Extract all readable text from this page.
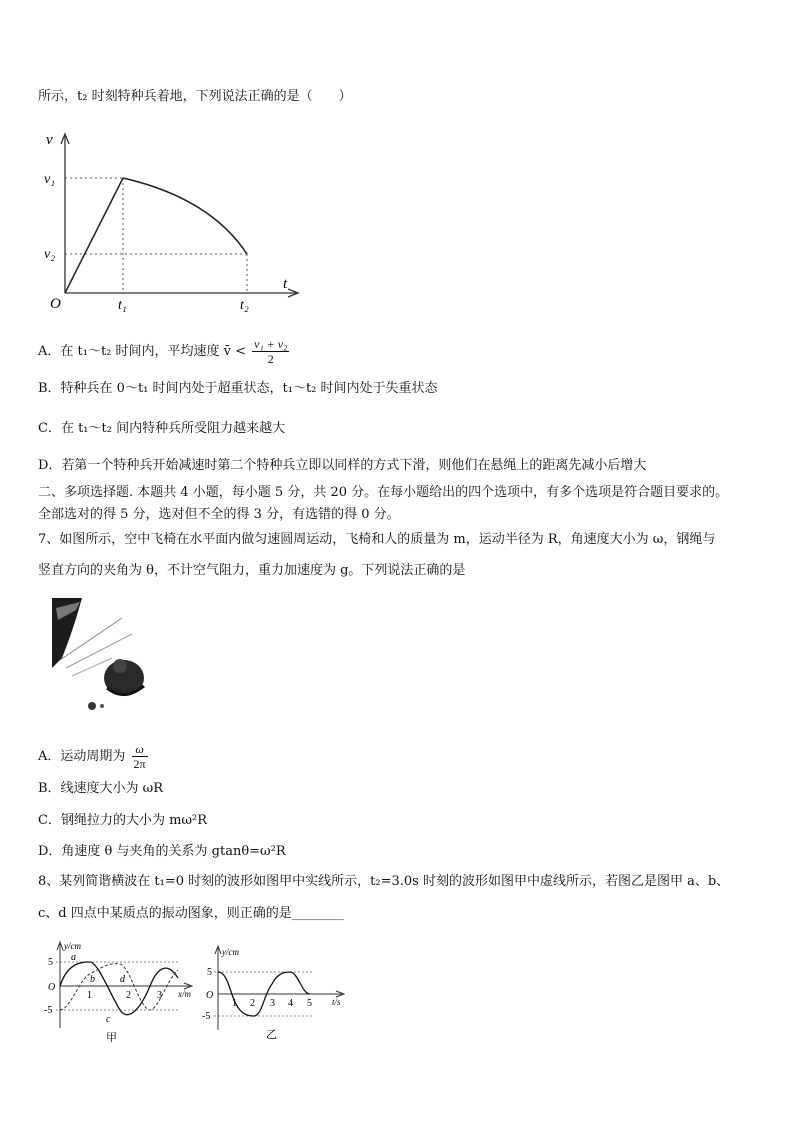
所示，t₂ 时刻特种兵着地，下列说法正确的是（　　）
v
t
O
v₁
v₂
t₁	t₂
A．在 t₁～t₂ 时间内，平均速度 v̄ < $\frac{\text{v₁ + v₂}}{2}$
B．特种兵在 0～t₁ 时间内处于超重状态，t₁～t₂ 时间内处于失重状态
C．在 t₁～t₂ 间内特种兵所受阻力越来越大
D．若第一个特种兵开始减速时第二个特种兵立即以同样的方式下滑，则他们在悬绳上的距离先减小后增大
二、多项选择题. 本题共 4 小题，每小题 5 分，共 20 分。在每小题给出的四个选项中，有多个选项是符合题目要求的。
全部选对的得 5 分，选对但不全的得 3 分，有选错的得 0 分。
7、如图所示，空中飞椅在水平面内做匀速圆周运动，飞椅和人的质量为 m，运动半径为 R，角速度大小为 ω，钢绳与
竖直方向的夹角为 θ，不计空气阻力，重力加速度为 g。下列说法正确的是
A．运动周期为 $\frac{\omega}{2\pi}$
B．线速度大小为 ωR
C．钢绳拉力的大小为 mω²R
D．角速度 θ 与夹角的关系为 gtanθ=ω²R
8、某列简谐横波在 t₁=0 时刻的波形如图甲中实线所示，t₂=3.0s 时刻的波形如图甲中虚线所示，若图乙是图甲 a、b、
c、d 四点中某质点的振动图象，则正确的是________
y/cm
x/m
O
5
-5
1	2	3
a
b
c
d
甲
y/cm
t/s
O
5
-5
1 2 3 4 5
乙
